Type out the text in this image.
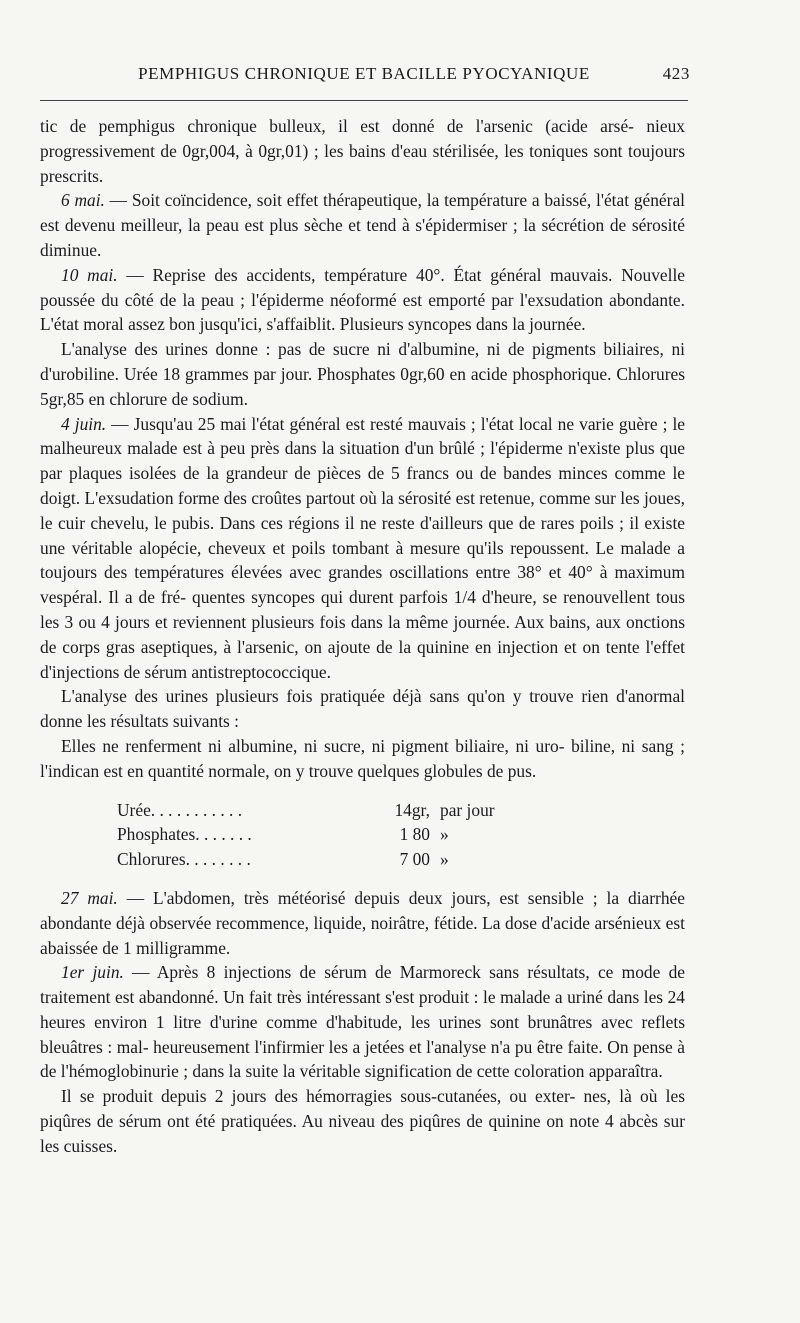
PEMPHIGUS CHRONIQUE ET BACILLE PYOCYANIQUE	423

tic de pemphigus chronique bulleux, il est donné de l'arsenic (acide arsé- nieux progressivement de 0gr,004, à 0gr,01) ; les bains d'eau stérilisée, les toniques sont toujours prescrits.

6 mai. — Soit coïncidence, soit effet thérapeutique, la température a baissé, l'état général est devenu meilleur, la peau est plus sèche et tend à s'épidermiser ; la sécrétion de sérosité diminue.

10 mai. — Reprise des accidents, température 40°. État général mauvais. Nouvelle poussée du côté de la peau ; l'épiderme néoformé est emporté par l'exsudation abondante. L'état moral assez bon jusqu'ici, s'affaiblit. Plusieurs syncopes dans la journée.

L'analyse des urines donne : pas de sucre ni d'albumine, ni de pigments biliaires, ni d'urobiline. Urée 18 grammes par jour. Phosphates 0gr,60 en acide phosphorique. Chlorures 5gr,85 en chlorure de sodium.

4 juin. — Jusqu'au 25 mai l'état général est resté mauvais ; l'état local ne varie guère ; le malheureux malade est à peu près dans la situation d'un brûlé ; l'épiderme n'existe plus que par plaques isolées de la grandeur de pièces de 5 francs ou de bandes minces comme le doigt. L'exsudation forme des croûtes partout où la sérosité est retenue, comme sur les joues, le cuir chevelu, le pubis. Dans ces régions il ne reste d'ailleurs que de rares poils ; il existe une véritable alopécie, cheveux et poils tombant à mesure qu'ils repoussent. Le malade a toujours des températures élevées avec grandes oscillations entre 38° et 40° à maximum vespéral. Il a de fré- quentes syncopes qui durent parfois 1/4 d'heure, se renouvellent tous les 3 ou 4 jours et reviennent plusieurs fois dans la même journée. Aux bains, aux onctions de corps gras aseptiques, à l'arsenic, on ajoute de la quinine en injection et on tente l'effet d'injections de sérum antistreptococcique.

L'analyse des urines plusieurs fois pratiquée déjà sans qu'on y trouve rien d'anormal donne les résultats suivants :

Elles ne renferment ni albumine, ni sucre, ni pigment biliaire, ni uro- biline, ni sang ; l'indican est en quantité normale, on y trouve quelques globules de pus.

Urée. . . . . . . . . . .	14gr,	par jour
Phosphates. . . . . . .	1 80	»
Chlorures. . . . . . . .	7 00	»

27 mai. — L'abdomen, très météorisé depuis deux jours, est sensible ; la diarrhée abondante déjà observée recommence, liquide, noirâtre, fétide. La dose d'acide arsénieux est abaissée de 1 milligramme.

1er juin. — Après 8 injections de sérum de Marmoreck sans résultats, ce mode de traitement est abandonné. Un fait très intéressant s'est produit : le malade a uriné dans les 24 heures environ 1 litre d'urine comme d'habitude, les urines sont brunâtres avec reflets bleuâtres : mal- heureusement l'infirmier les a jetées et l'analyse n'a pu être faite. On pense à de l'hémoglobinurie ; dans la suite la véritable signification de cette coloration apparaîtra.

Il se produit depuis 2 jours des hémorragies sous-cutanées, ou exter- nes, là où les piqûres de sérum ont été pratiquées. Au niveau des piqûres de quinine on note 4 abcès sur les cuisses.
